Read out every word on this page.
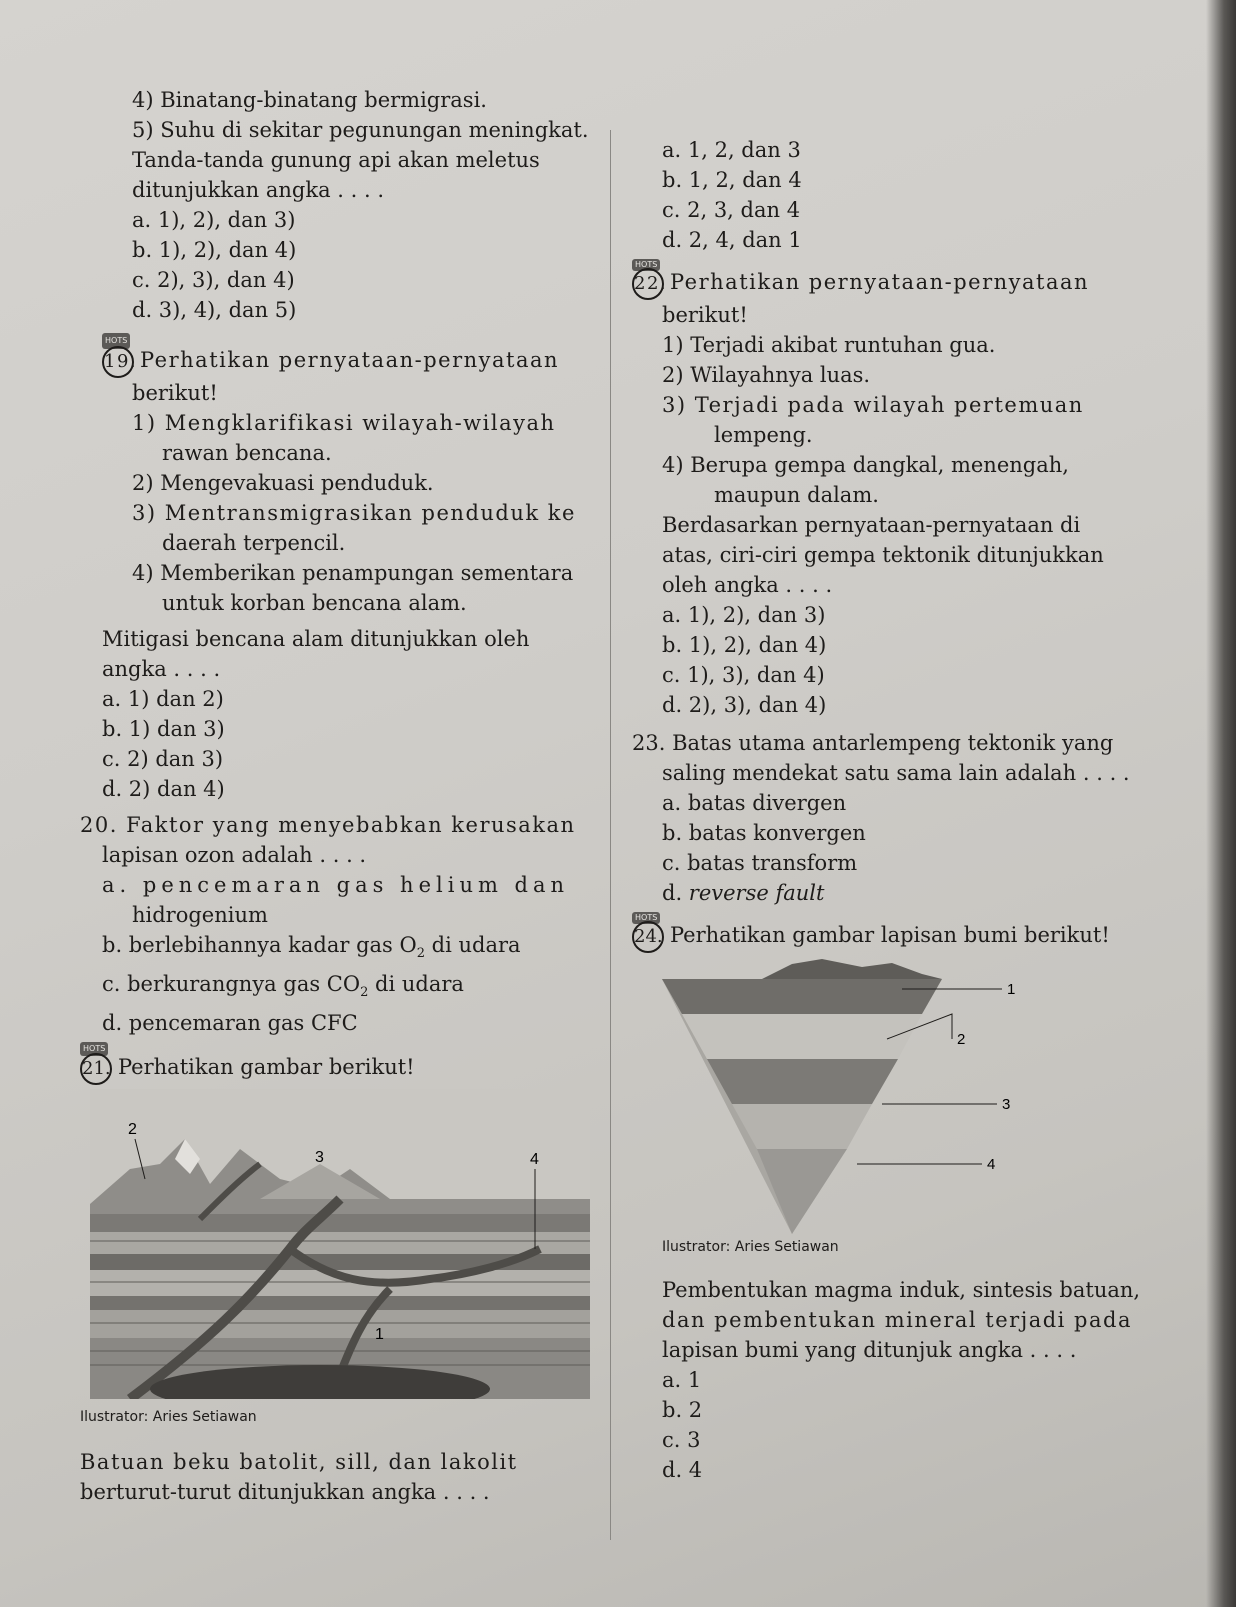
4) Binatang-binatang bermigrasi.

5) Suhu di sekitar pegunungan meningkat.

Tanda-tanda gunung api akan meletus

ditunjukkan angka . . . .

a. 1), 2), dan 3)

b. 1), 2), dan 4)

c. 2), 3), dan 4)

d. 3), 4), dan 5)

HOTS

19. Perhatikan pernyataan-pernyataan

berikut!

1) Mengklarifikasi wilayah-wilayah

rawan bencana.

2) Mengevakuasi penduduk.

3) Mentransmigrasikan penduduk ke

daerah terpencil.

4) Memberikan penampungan sementara

untuk korban bencana alam.

Mitigasi bencana alam ditunjukkan oleh

angka . . . .

a. 1) dan 2)

b. 1) dan 3)

c. 2) dan 3)

d. 2) dan 4)

20. Faktor yang menyebabkan kerusakan

lapisan ozon adalah . . . .

a. pencemaran gas helium dan

hidrogenium

b. berlebihannya kadar gas $O_2$ di udara

c. berkurangnya gas $CO_2$ di udara

d. pencemaran gas CFC

HOTS

21. Perhatikan gambar berikut!

2
3	4
1

Ilustrator: Aries Setiawan

Batuan beku batolit, sill, dan lakolit

berturut-turut ditunjukkan angka . . . .

a. 1, 2, dan 3

b. 1, 2, dan 4

c. 2, 3, dan 4

d. 2, 4, dan 1

HOTS

22. Perhatikan pernyataan-pernyataan

berikut!

1) Terjadi akibat runtuhan gua.

2) Wilayahnya luas.

3) Terjadi pada wilayah pertemuan

lempeng.

4) Berupa gempa dangkal, menengah,

maupun dalam.

Berdasarkan pernyataan-pernyataan di

atas, ciri-ciri gempa tektonik ditunjukkan

oleh angka . . . .

a. 1), 2), dan 3)

b. 1), 2), dan 4)

c. 1), 3), dan 4)

d. 2), 3), dan 4)

23. Batas utama antarlempeng tektonik yang

saling mendekat satu sama lain adalah . . . .

a. batas divergen

b. batas konvergen

c. batas transform

d. reverse fault

HOTS

24. Perhatikan gambar lapisan bumi berikut!

1
2
3
4

Ilustrator: Aries Setiawan

Pembentukan magma induk, sintesis batuan,

dan pembentukan mineral terjadi pada

lapisan bumi yang ditunjuk angka . . . .

a. 1

b. 2

c. 3

d. 4
